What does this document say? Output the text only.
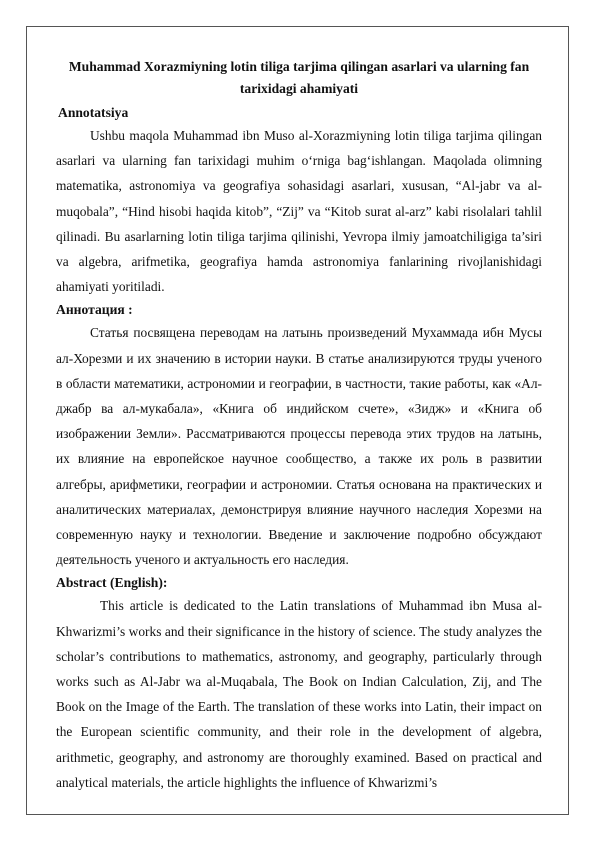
Muhammad Xorazmiyning lotin tiliga tarjima qilingan asarlari va ularning fan tarixidagi ahamiyati

Annotatsiya

Ushbu maqola Muhammad ibn Muso al-Xorazmiyning lotin tiliga tarjima qilingan asarlari va ularning fan tarixidagi muhim o‘rniga bag‘ishlangan. Maqolada olimning matematika, astronomiya va geografiya sohasidagi asarlari, xususan, “Al-jabr va al-muqobala”, “Hind hisobi haqida kitob”, “Zij” va “Kitob surat al-arz” kabi risolalari tahlil qilinadi. Bu asarlarning lotin tiliga tarjima qilinishi, Yevropa ilmiy jamoatchiligiga ta’siri va algebra, arifmetika, geografiya hamda astronomiya fanlarining rivojlanishidagi ahamiyati yoritiladi.

Аннотация :

Статья посвящена переводам на латынь произведений Мухаммада ибн Мусы ал-Хорезми и их значению в истории науки. В статье анализируются труды ученого в области математики, астрономии и географии, в частности, такие работы, как «Ал-джабр ва ал-мукабала», «Книга об индийском счете», «Зидж» и «Книга об изображении Земли». Рассматриваются процессы перевода этих трудов на латынь, их влияние на европейское научное сообщество, а также их роль в развитии алгебры, арифметики, географии и астрономии. Статья основана на практических и аналитических материалах, демонстрируя влияние научного наследия Хорезми на современную науку и технологии. Введение и заключение подробно обсуждают деятельность ученого и актуальность его наследия.

Abstract (English):

This article is dedicated to the Latin translations of Muhammad ibn Musa al-Khwarizmi’s works and their significance in the history of science. The study analyzes the scholar’s contributions to mathematics, astronomy, and geography, particularly through works such as Al-Jabr wa al-Muqabala, The Book on Indian Calculation, Zij, and The Book on the Image of the Earth. The translation of these works into Latin, their impact on the European scientific community, and their role in the development of algebra, arithmetic, geography, and astronomy are thoroughly examined. Based on practical and analytical materials, the article highlights the influence of Khwarizmi’s
